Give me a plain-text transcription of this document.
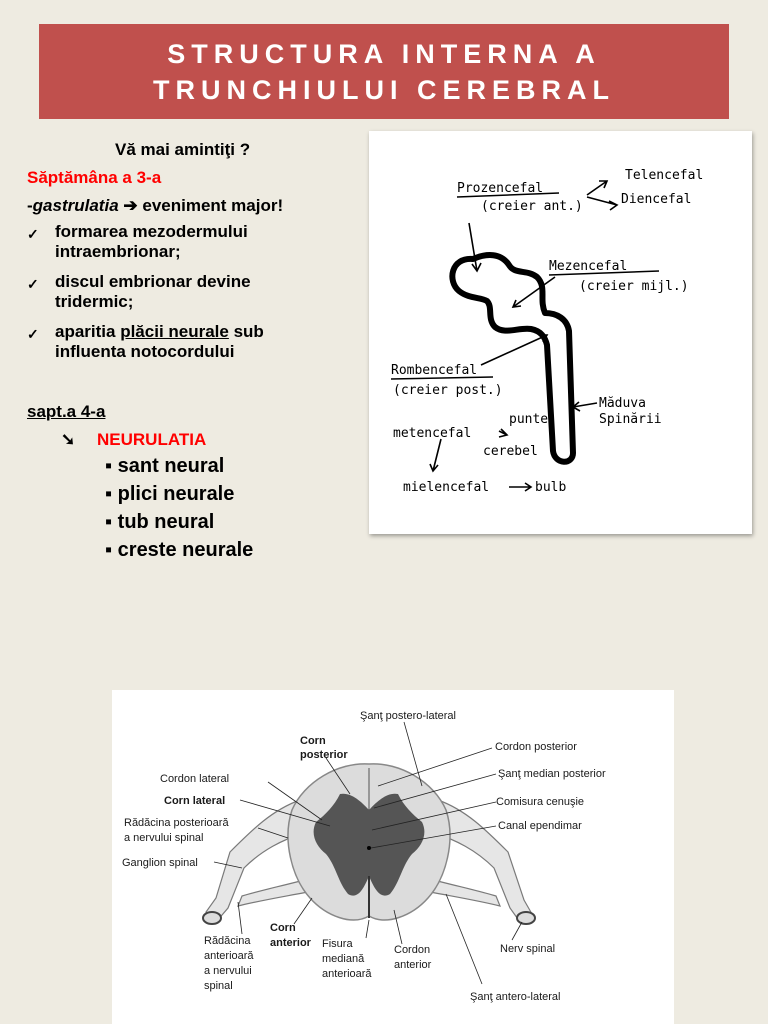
STRUCTURA INTERNA A
TRUNCHIULUI CEREBRAL
Vă mai amintiţi ?
Săptămâna a 3-a
-gastrulatia ➔ eveniment major!
✓ formarea mezodermului
intraembrionar;
✓ discul embrionar devine
tridermic;
✓ aparitia plăcii neurale sub
influenta notocordului
sapt.a 4-a
➘ NEURULATIA
▪ sant neural
▪ plici neurale
▪ tub neural
▪ creste neurale
Prozencefal
(creier ant.)
Telencefal
Diencefal
Mezencefal
(creier mijl.)
Rombencefal
(creier post.)
Măduva
Spinării
metencefal
punte
cerebel
mielencefal	bulb
Şanţ postero-lateral
Corn
posterior
Cordon posterior
Şanţ median posterior
Cordon lateral
Corn lateral	Comisura cenuşie
Rădăcina posterioară
a nervului spinal
Canal ependimar
Ganglion spinal
Corn
anterior
Rădăcina
anterioară
a nervului
spinal
Fisura
mediană
anterioară
Cordon
anterior
Nerv spinal
Şanţ antero-lateral
